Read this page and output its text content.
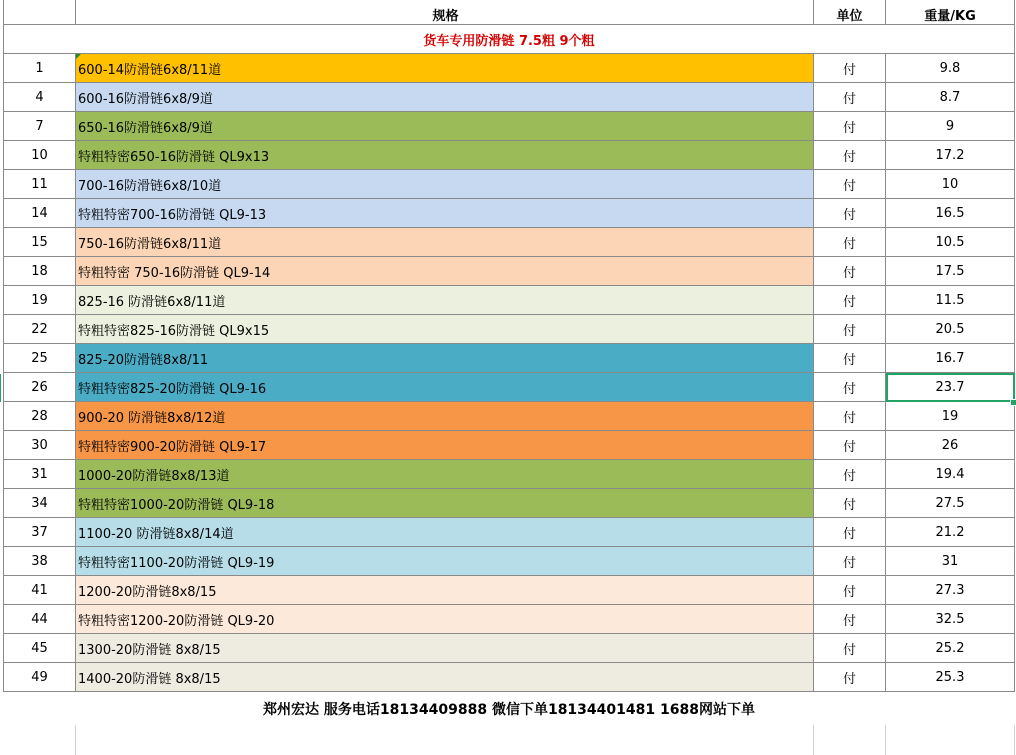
	规格	单位	重量/KG
货车专用防滑链 7.5粗 9个粗			
1	600-14防滑链6x8/11道	付	9.8
4	600-16防滑链6x8/9道	付	8.7
7	650-16防滑链6x8/9道	付	9
10	特粗特密650-16防滑链 QL9x13	付	17.2
11	700-16防滑链6x8/10道	付	10
14	特粗特密700-16防滑链 QL9-13	付	16.5
15	750-16防滑链6x8/11道	付	10.5
18	特粗特密 750-16防滑链 QL9-14	付	17.5
19	825-16 防滑链6x8/11道	付	11.5
22	特粗特密825-16防滑链 QL9x15	付	20.5
25	825-20防滑链8x8/11	付	16.7
26	特粗特密825-20防滑链 QL9-16	付	23.7
28	900-20 防滑链8x8/12道	付	19
30	特粗特密900-20防滑链 QL9-17	付	26
31	1000-20防滑链8x8/13道	付	19.4
34	特粗特密1000-20防滑链 QL9-18	付	27.5
37	1100-20 防滑链8x8/14道	付	21.2
38	特粗特密1100-20防滑链 QL9-19	付	31
41	1200-20防滑链8x8/15	付	27.3
44	特粗特密1200-20防滑链 QL9-20	付	32.5
45	1300-20防滑链 8x8/15	付	25.2
49	1400-20防滑链 8x8/15	付	25.3
郑州宏达 服务电话18134409888 微信下单18134401481 1688网站下单			
